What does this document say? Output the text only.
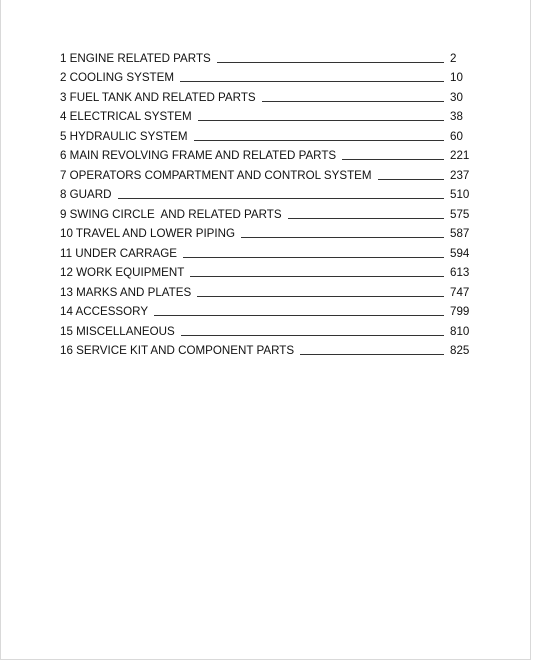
1 ENGINE RELATED PARTS	2
2 COOLING SYSTEM	10
3 FUEL TANK AND RELATED PARTS	30
4 ELECTRICAL SYSTEM	38
5 HYDRAULIC SYSTEM	60
6 MAIN REVOLVING FRAME AND RELATED PARTS	221
7 OPERATORS COMPARTMENT AND CONTROL SYSTEM	237
8 GUARD	510
9 SWING CIRCLE  AND RELATED PARTS	575
10 TRAVEL AND LOWER PIPING	587
11 UNDER CARRAGE	594
12 WORK EQUIPMENT	613
13 MARKS AND PLATES	747
14 ACCESSORY	799
15 MISCELLANEOUS	810
16 SERVICE KIT AND COMPONENT PARTS	825
